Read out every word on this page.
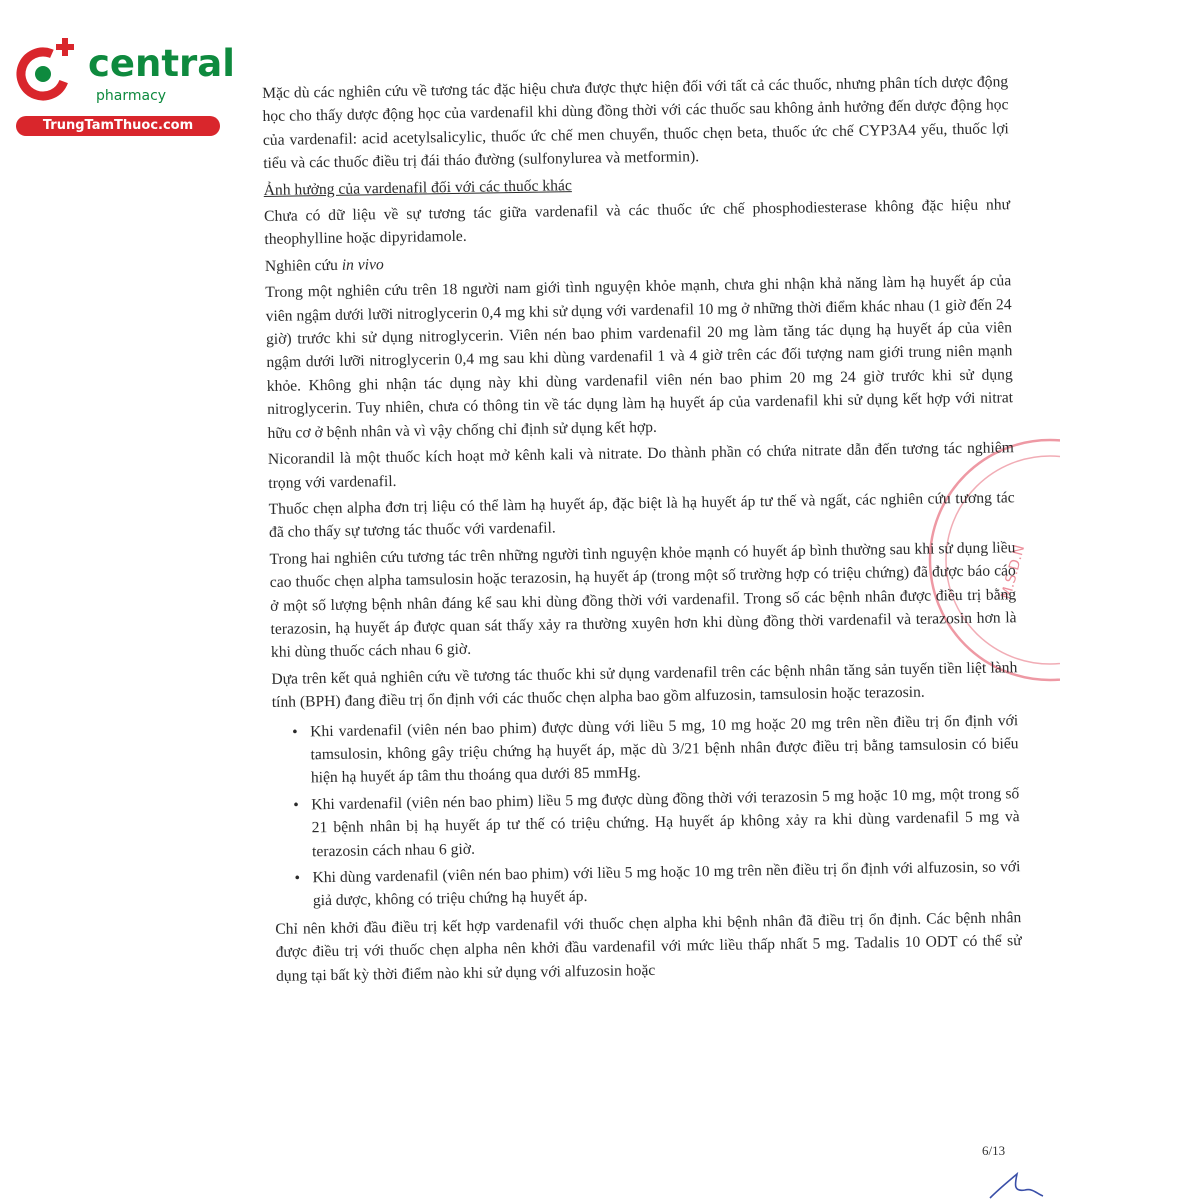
central
pharmacy
TrungTamThuoc.com
M.S.D.N

Mặc dù các nghiên cứu về tương tác đặc hiệu chưa được thực hiện đối với tất cả các thuốc, nhưng phân tích dược động học cho thấy dược động học của vardenafil khi dùng đồng thời với các thuốc sau không ảnh hưởng đến dược động học của vardenafil: acid acetylsalicylic, thuốc ức chế men chuyển, thuốc chẹn beta, thuốc ức chế CYP3A4 yếu, thuốc lợi tiểu và các thuốc điều trị đái tháo đường (sulfonylurea và metformin).

Ảnh hưởng của vardenafil đối với các thuốc khác

Chưa có dữ liệu về sự tương tác giữa vardenafil và các thuốc ức chế phosphodiesterase không đặc hiệu như theophylline hoặc dipyridamole.

Nghiên cứu in vivo

Trong một nghiên cứu trên 18 người nam giới tình nguyện khỏe mạnh, chưa ghi nhận khả năng làm hạ huyết áp của viên ngậm dưới lưỡi nitroglycerin 0,4 mg khi sử dụng với vardenafil 10 mg ở những thời điểm khác nhau (1 giờ đến 24 giờ) trước khi sử dụng nitroglycerin. Viên nén bao phim vardenafil 20 mg làm tăng tác dụng hạ huyết áp của viên ngậm dưới lưỡi nitroglycerin 0,4 mg sau khi dùng vardenafil 1 và 4 giờ trên các đối tượng nam giới trung niên mạnh khỏe. Không ghi nhận tác dụng này khi dùng vardenafil viên nén bao phim 20 mg 24 giờ trước khi sử dụng nitroglycerin. Tuy nhiên, chưa có thông tin về tác dụng làm hạ huyết áp của vardenafil khi sử dụng kết hợp với nitrat hữu cơ ở bệnh nhân và vì vậy chống chỉ định sử dụng kết hợp.

Nicorandil là một thuốc kích hoạt mở kênh kali và nitrate. Do thành phần có chứa nitrate dẫn đến tương tác nghiêm trọng với vardenafil.

Thuốc chẹn alpha đơn trị liệu có thể làm hạ huyết áp, đặc biệt là hạ huyết áp tư thế và ngất, các nghiên cứu tương tác đã cho thấy sự tương tác thuốc với vardenafil.

Trong hai nghiên cứu tương tác trên những người tình nguyện khỏe mạnh có huyết áp bình thường sau khi sử dụng liều cao thuốc chẹn alpha tamsulosin hoặc terazosin, hạ huyết áp (trong một số trường hợp có triệu chứng) đã được báo cáo ở một số lượng bệnh nhân đáng kể sau khi dùng đồng thời với vardenafil. Trong số các bệnh nhân được điều trị bằng terazosin, hạ huyết áp được quan sát thấy xảy ra thường xuyên hơn khi dùng đồng thời vardenafil và terazosin hơn là khi dùng thuốc cách nhau 6 giờ.

Dựa trên kết quả nghiên cứu về tương tác thuốc khi sử dụng vardenafil trên các bệnh nhân tăng sản tuyến tiền liệt lành tính (BPH) đang điều trị ổn định với các thuốc chẹn alpha bao gồm alfuzosin, tamsulosin hoặc terazosin.

• Khi vardenafil (viên nén bao phim) được dùng với liều 5 mg, 10 mg hoặc 20 mg trên nền điều trị ổn định với tamsulosin, không gây triệu chứng hạ huyết áp, mặc dù 3/21 bệnh nhân được điều trị bằng tamsulosin có biểu hiện hạ huyết áp tâm thu thoáng qua dưới 85 mmHg.
• Khi vardenafil (viên nén bao phim) liều 5 mg được dùng đồng thời với terazosin 5 mg hoặc 10 mg, một trong số 21 bệnh nhân bị hạ huyết áp tư thế có triệu chứng. Hạ huyết áp không xảy ra khi dùng vardenafil 5 mg và terazosin cách nhau 6 giờ.
• Khi dùng vardenafil (viên nén bao phim) với liều 5 mg hoặc 10 mg trên nền điều trị ổn định với alfuzosin, so với giả dược, không có triệu chứng hạ huyết áp.

Chỉ nên khởi đầu điều trị kết hợp vardenafil với thuốc chẹn alpha khi bệnh nhân đã điều trị ổn định. Các bệnh nhân được điều trị với thuốc chẹn alpha nên khởi đầu vardenafil với mức liều thấp nhất 5 mg. Tadalis 10 ODT có thể sử dụng tại bất kỳ thời điểm nào khi sử dụng với alfuzosin hoặc

6/13
